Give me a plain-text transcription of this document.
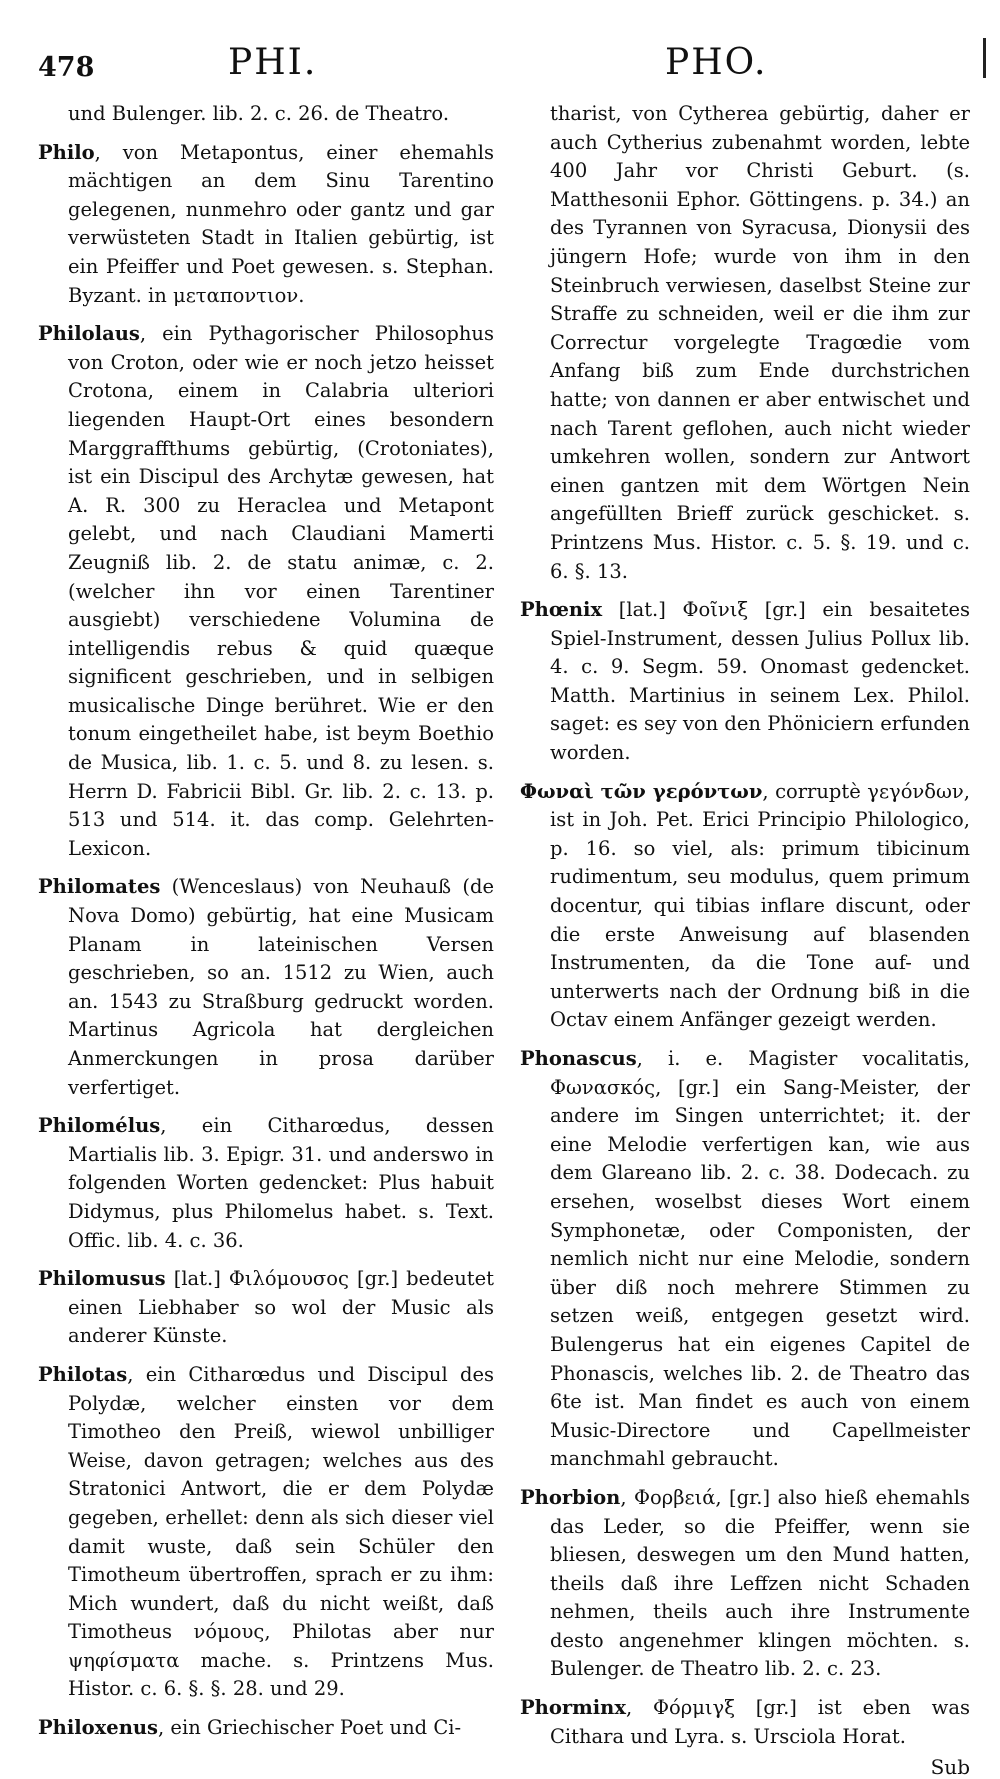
478	PHI.	PHO.

und Bulenger. lib. 2. c. 26. de Theatro.

Philo, von Metapontus, einer ehemahls mächtigen an dem Sinu Tarentino gelegenen, nunmehro oder gantz und gar verwüsteten Stadt in Italien gebürtig, ist ein Pfeiffer und Poet gewesen. s. Stephan. Byzant. in μεταποντιον.

Philolaus, ein Pythagorischer Philosophus von Croton, oder wie er noch jetzo heisset Crotona, einem in Calabria ulteriori liegenden Haupt-Ort eines besondern Marggraffthums gebürtig, (Crotoniates), ist ein Discipul des Archytæ gewesen, hat A. R. 300 zu Heraclea und Metapont gelebt, und nach Claudiani Mamerti Zeugniß lib. 2. de statu animæ, c. 2. (welcher ihn vor einen Tarentiner ausgiebt) verschiedene Volumina de intelligendis rebus & quid quæque significent geschrieben, und in selbigen musicalische Dinge berühret. Wie er den tonum eingetheilet habe, ist beym Boethio de Musica, lib. 1. c. 5. und 8. zu lesen. s. Herrn D. Fabricii Bibl. Gr. lib. 2. c. 13. p. 513 und 514. it. das comp. Gelehrten-Lexicon.

Philomates (Wenceslaus) von Neuhauß (de Nova Domo) gebürtig, hat eine Musicam Planam in lateinischen Versen geschrieben, so an. 1512 zu Wien, auch an. 1543 zu Straßburg gedruckt worden. Martinus Agricola hat dergleichen Anmerckungen in prosa darüber verfertiget.

Philomélus, ein Citharœdus, dessen Martialis lib. 3. Epigr. 31. und anderswo in folgenden Worten gedencket: Plus habuit Didymus, plus Philomelus habet. s. Text. Offic. lib. 4. c. 36.

Philomusus [lat.] Φιλόμουσος [gr.] bedeutet einen Liebhaber so wol der Music als anderer Künste.

Philotas, ein Citharœdus und Discipul des Polydæ, welcher einsten vor dem Timotheo den Preiß, wiewol unbilliger Weise, davon getragen; welches aus des Stratonici Antwort, die er dem Polydæ gegeben, erhellet: denn als sich dieser viel damit wuste, daß sein Schüler den Timotheum übertroffen, sprach er zu ihm: Mich wundert, daß du nicht weißt, daß Timotheus νόμους, Philotas aber nur ψηφίσματα mache. s. Printzens Mus. Histor. c. 6. §. §. 28. und 29.

Philoxenus, ein Griechischer Poet und Ci-

tharist, von Cytherea gebürtig, daher er auch Cytherius zubenahmt worden, lebte 400 Jahr vor Christi Geburt. (s. Matthesonii Ephor. Göttingens. p. 34.) an des Tyrannen von Syracusa, Dionysii des jüngern Hofe; wurde von ihm in den Steinbruch verwiesen, daselbst Steine zur Straffe zu schneiden, weil er die ihm zur Correctur vorgelegte Tragœdie vom Anfang biß zum Ende durchstrichen hatte; von dannen er aber entwischet und nach Tarent geflohen, auch nicht wieder umkehren wollen, sondern zur Antwort einen gantzen mit dem Wörtgen Nein angefüllten Brieff zurück geschicket. s. Printzens Mus. Histor. c. 5. §. 19. und c. 6. §. 13.

Phœnix [lat.] Φοῖνιξ [gr.] ein besaitetes Spiel-Instrument, dessen Julius Pollux lib. 4. c. 9. Segm. 59. Onomast gedencket. Matth. Martinius in seinem Lex. Philol. saget: es sey von den Phöniciern erfunden worden.

Φωναὶ τῶν γερόντων, corruptè γεγόνδων, ist in Joh. Pet. Erici Principio Philologico, p. 16. so viel, als: primum tibicinum rudimentum, seu modulus, quem primum docentur, qui tibias inflare discunt, oder die erste Anweisung auf blasenden Instrumenten, da die Tone auf- und unterwerts nach der Ordnung biß in die Octav einem Anfänger gezeigt werden.

Phonascus, i. e. Magister vocalitatis, Φωνασκός, [gr.] ein Sang-Meister, der andere im Singen unterrichtet; it. der eine Melodie verfertigen kan, wie aus dem Glareano lib. 2. c. 38. Dodecach. zu ersehen, woselbst dieses Wort einem Symphonetæ, oder Componisten, der nemlich nicht nur eine Melodie, sondern über diß noch mehrere Stimmen zu setzen weiß, entgegen gesetzt wird. Bulengerus hat ein eigenes Capitel de Phonascis, welches lib. 2. de Theatro das 6te ist. Man findet es auch von einem Music-Directore und Capellmeister manchmahl gebraucht.

Phorbion, Φορβειά, [gr.] also hieß ehemahls das Leder, so die Pfeiffer, wenn sie bliesen, deswegen um den Mund hatten, theils daß ihre Leffzen nicht Schaden nehmen, theils auch ihre Instrumente desto angenehmer klingen möchten. s. Bulenger. de Theatro lib. 2. c. 23.

Phorminx, Φόρμιγξ [gr.] ist eben was Cithara und Lyra. s. Ursciola Horat.

Sub
